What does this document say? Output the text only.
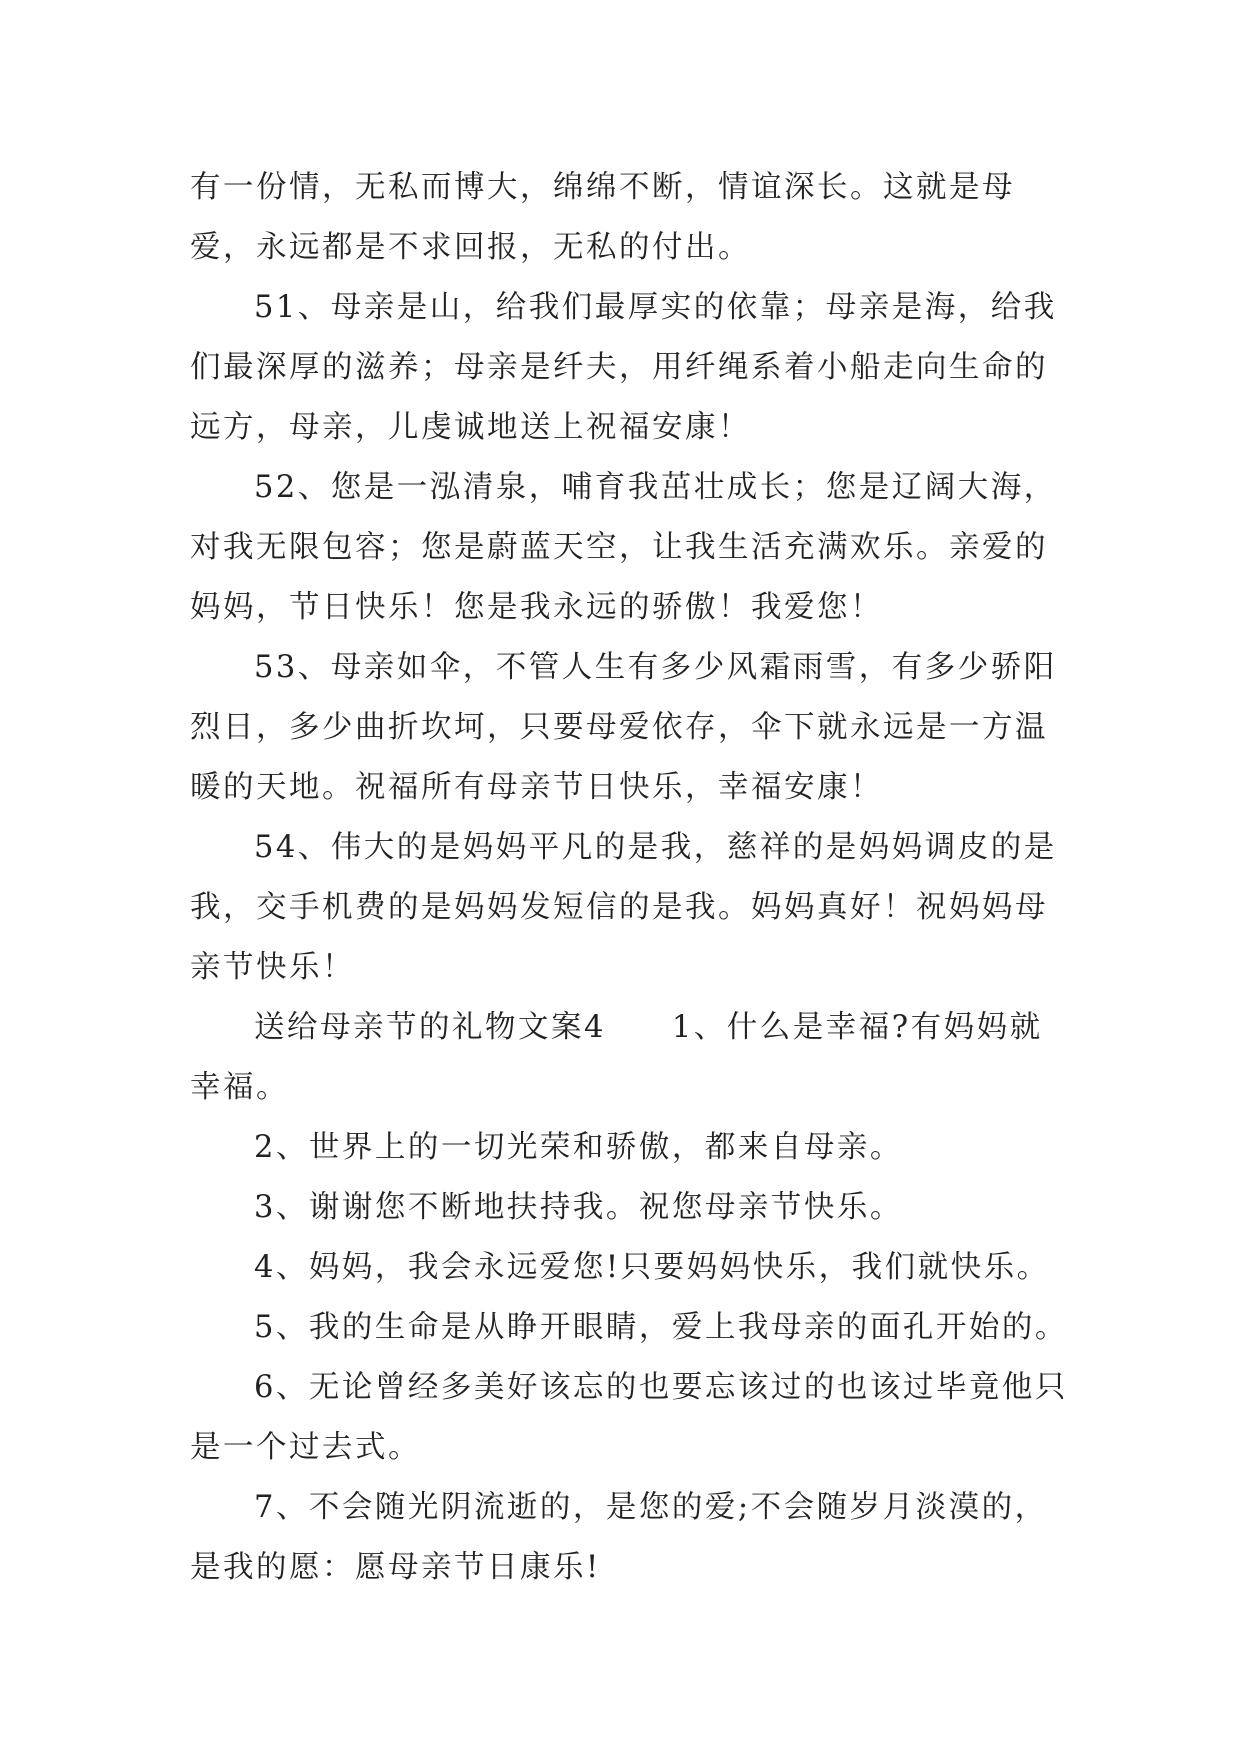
有一份情，无私而博大，绵绵不断，情谊深长。这就是母爱，永远都是不求回报，无私的付出。

51、母亲是山，给我们最厚实的依靠；母亲是海，给我们最深厚的滋养；母亲是纤夫，用纤绳系着小船走向生命的远方，母亲，儿虔诚地送上祝福安康！

52、您是一泓清泉，哺育我茁壮成长；您是辽阔大海，对我无限包容；您是蔚蓝天空，让我生活充满欢乐。亲爱的妈妈，节日快乐！您是我永远的骄傲！我爱您！

53、母亲如伞，不管人生有多少风霜雨雪，有多少骄阳烈日，多少曲折坎坷，只要母爱依存，伞下就永远是一方温暖的天地。祝福所有母亲节日快乐，幸福安康！

54、伟大的是妈妈平凡的是我，慈祥的是妈妈调皮的是我，交手机费的是妈妈发短信的是我。妈妈真好！祝妈妈母亲节快乐！

送给母亲节的礼物文案4　　1、什么是幸福?有妈妈就幸福。

2、世界上的一切光荣和骄傲，都来自母亲。

3、谢谢您不断地扶持我。祝您母亲节快乐。

4、妈妈，我会永远爱您!只要妈妈快乐，我们就快乐。

5、我的生命是从睁开眼睛，爱上我母亲的面孔开始的。

6、无论曾经多美好该忘的也要忘该过的也该过毕竟他只是一个过去式。

7、不会随光阴流逝的，是您的爱;不会随岁月淡漠的，是我的愿：愿母亲节日康乐!
